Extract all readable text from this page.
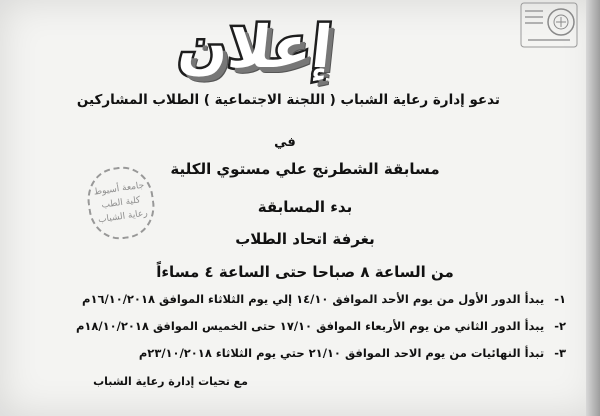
إعلان
تدعو إدارة رعاية الشباب ( اللجنة الاجتماعية ) الطلاب المشاركين
في
مسابقة الشطرنج علي مستوي الكلية
بدء المسابقة
بغرفة اتحاد الطلاب
من الساعة ٨ صباحا حتى الساعة ٤ مساءاً
١-يبدأ الدور الأول من يوم الأحد الموافق ١٤/١٠ إلي يوم الثلاثاء الموافق ١٦/١٠/٢٠١٨م
٢-يبدأ الدور الثاني من يوم الأربعاء الموافق ١٧/١٠ حتى الخميس الموافق ١٨/١٠/٢٠١٨م
٣-تبدأ النهائيات من يوم الاحد الموافق ٢١/١٠ حتي يوم الثلاثاء ٢٣/١٠/٢٠١٨م
مع تحيات إدارة رعاية الشباب
جامعة أسيوط
كلية الطب
رعاية الشباب
